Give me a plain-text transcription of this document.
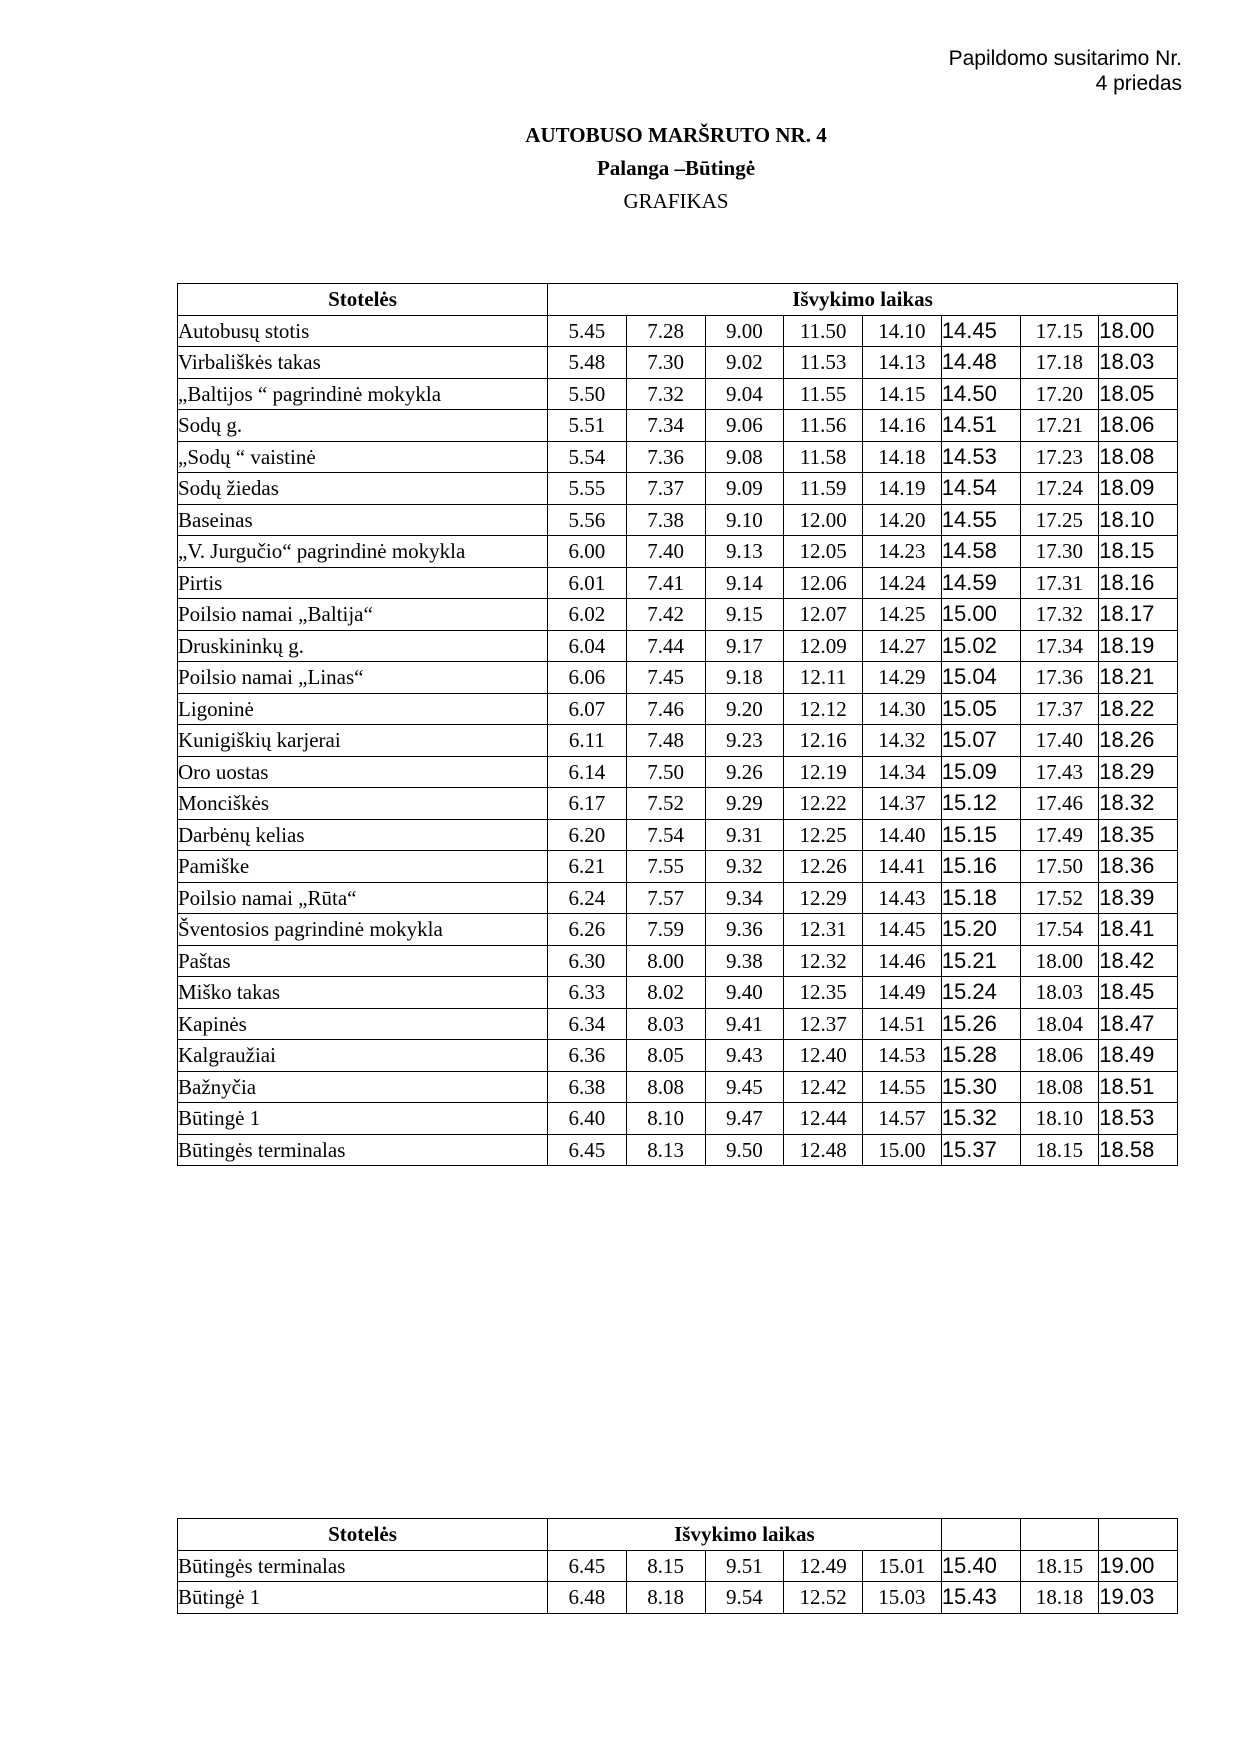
Papildomo susitarimo Nr.
4 priedas
AUTOBUSO MARŠRUTO NR. 4
Palanga –Būtingė
GRAFIKAS
Stotelės	Išvykimo laikas							
Autobusų stotis	5.45	7.28	9.00	11.50	14.10	14.45	17.15	18.00
Virbališkės takas	5.48	7.30	9.02	11.53	14.13	14.48	17.18	18.03
„Baltijos “ pagrindinė mokykla	5.50	7.32	9.04	11.55	14.15	14.50	17.20	18.05
Sodų g.	5.51	7.34	9.06	11.56	14.16	14.51	17.21	18.06
„Sodų “ vaistinė	5.54	7.36	9.08	11.58	14.18	14.53	17.23	18.08
Sodų žiedas	5.55	7.37	9.09	11.59	14.19	14.54	17.24	18.09
Baseinas	5.56	7.38	9.10	12.00	14.20	14.55	17.25	18.10
„V. Jurgučio“ pagrindinė mokykla	6.00	7.40	9.13	12.05	14.23	14.58	17.30	18.15
Pirtis	6.01	7.41	9.14	12.06	14.24	14.59	17.31	18.16
Poilsio namai „Baltija“	6.02	7.42	9.15	12.07	14.25	15.00	17.32	18.17
Druskininkų g.	6.04	7.44	9.17	12.09	14.27	15.02	17.34	18.19
Poilsio namai „Linas“	6.06	7.45	9.18	12.11	14.29	15.04	17.36	18.21
Ligoninė	6.07	7.46	9.20	12.12	14.30	15.05	17.37	18.22
Kunigiškių karjerai	6.11	7.48	9.23	12.16	14.32	15.07	17.40	18.26
Oro uostas	6.14	7.50	9.26	12.19	14.34	15.09	17.43	18.29
Monciškės	6.17	7.52	9.29	12.22	14.37	15.12	17.46	18.32
Darbėnų kelias	6.20	7.54	9.31	12.25	14.40	15.15	17.49	18.35
Pamiške	6.21	7.55	9.32	12.26	14.41	15.16	17.50	18.36
Poilsio namai „Rūta“	6.24	7.57	9.34	12.29	14.43	15.18	17.52	18.39
Šventosios pagrindinė mokykla	6.26	7.59	9.36	12.31	14.45	15.20	17.54	18.41
Paštas	6.30	8.00	9.38	12.32	14.46	15.21	18.00	18.42
Miško takas	6.33	8.02	9.40	12.35	14.49	15.24	18.03	18.45
Kapinės	6.34	8.03	9.41	12.37	14.51	15.26	18.04	18.47
Kalgraužiai	6.36	8.05	9.43	12.40	14.53	15.28	18.06	18.49
Bažnyčia	6.38	8.08	9.45	12.42	14.55	15.30	18.08	18.51
Būtingė 1	6.40	8.10	9.47	12.44	14.57	15.32	18.10	18.53
Būtingės terminalas	6.45	8.13	9.50	12.48	15.00	15.37	18.15	18.58
Stotelės	Išvykimo laikas							
Būtingės terminalas	6.45	8.15	9.51	12.49	15.01	15.40	18.15	19.00
Būtingė 1	6.48	8.18	9.54	12.52	15.03	15.43	18.18	19.03
